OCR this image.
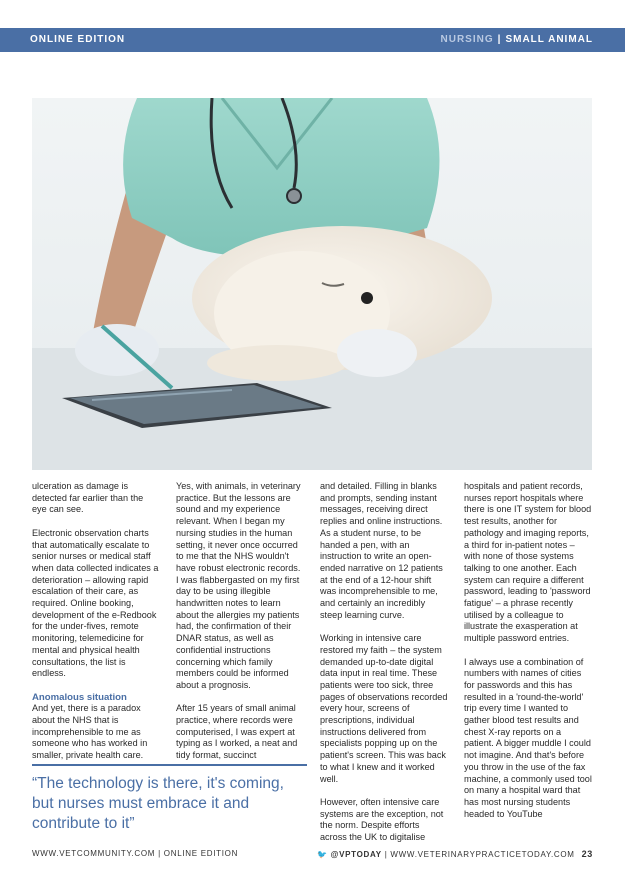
ONLINE EDITION	NURSING | SMALL ANIMAL

ulceration as damage is detected far earlier than the eye can see.

Electronic observation charts that automatically escalate to senior nurses or medical staff when data collected indicates a deterioration – allowing rapid escalation of their care, as required. Online booking, development of the e-Redbook for the under-fives, remote monitoring, telemedicine for mental and physical health consultations, the list is endless.

Anomalous situation

And yet, there is a paradox about the NHS that is incomprehensible to me as someone who has worked in smaller, private health care.

Yes, with animals, in veterinary practice. But the lessons are sound and my experience relevant. When I began my nursing studies in the human setting, it never once occurred to me that the NHS wouldn't have robust electronic records. I was flabbergasted on my first day to be using illegible handwritten notes to learn about the allergies my patients had, the confirmation of their DNAR status, as well as confidential instructions concerning which family members could be informed about a prognosis.

After 15 years of small animal practice, where records were computerised, I was expert at typing as I worked, a neat and tidy format, succinct

and detailed. Filling in blanks and prompts, sending instant messages, receiving direct replies and online instructions. As a student nurse, to be handed a pen, with an instruction to write an open-ended narrative on 12 patients at the end of a 12-hour shift was incomprehensible to me, and certainly an incredibly steep learning curve.

Working in intensive care restored my faith – the system demanded up-to-date digital data input in real time. These patients were too sick, three pages of observations recorded every hour, screens of prescriptions, individual instructions delivered from specialists popping up on the patient's screen. This was back to what I knew and it worked well.

However, often intensive care systems are the exception, not the norm. Despite efforts across the UK to digitalise

hospitals and patient records, nurses report hospitals where there is one IT system for blood test results, another for pathology and imaging reports, a third for in-patient notes – with none of those systems talking to one another. Each system can require a different password, leading to 'password fatigue' – a phrase recently utilised by a colleague to illustrate the exasperation at multiple password entries.

I always use a combination of numbers with names of cities for passwords and this has resulted in a 'round-the-world' trip every time I wanted to gather blood test results and chest X-ray reports on a patient. A bigger muddle I could not imagine. And that's before you throw in the use of the fax machine, a commonly used tool on many a hospital ward that has most nursing students headed to YouTube

“The technology is there, it's coming, but nurses must embrace it and contribute to it”

WWW.VETCOMMUNITY.COM | ONLINE EDITION	🐦 @VPTODAY | WWW.VETERINARYPRACTICETODAY.COM 23
